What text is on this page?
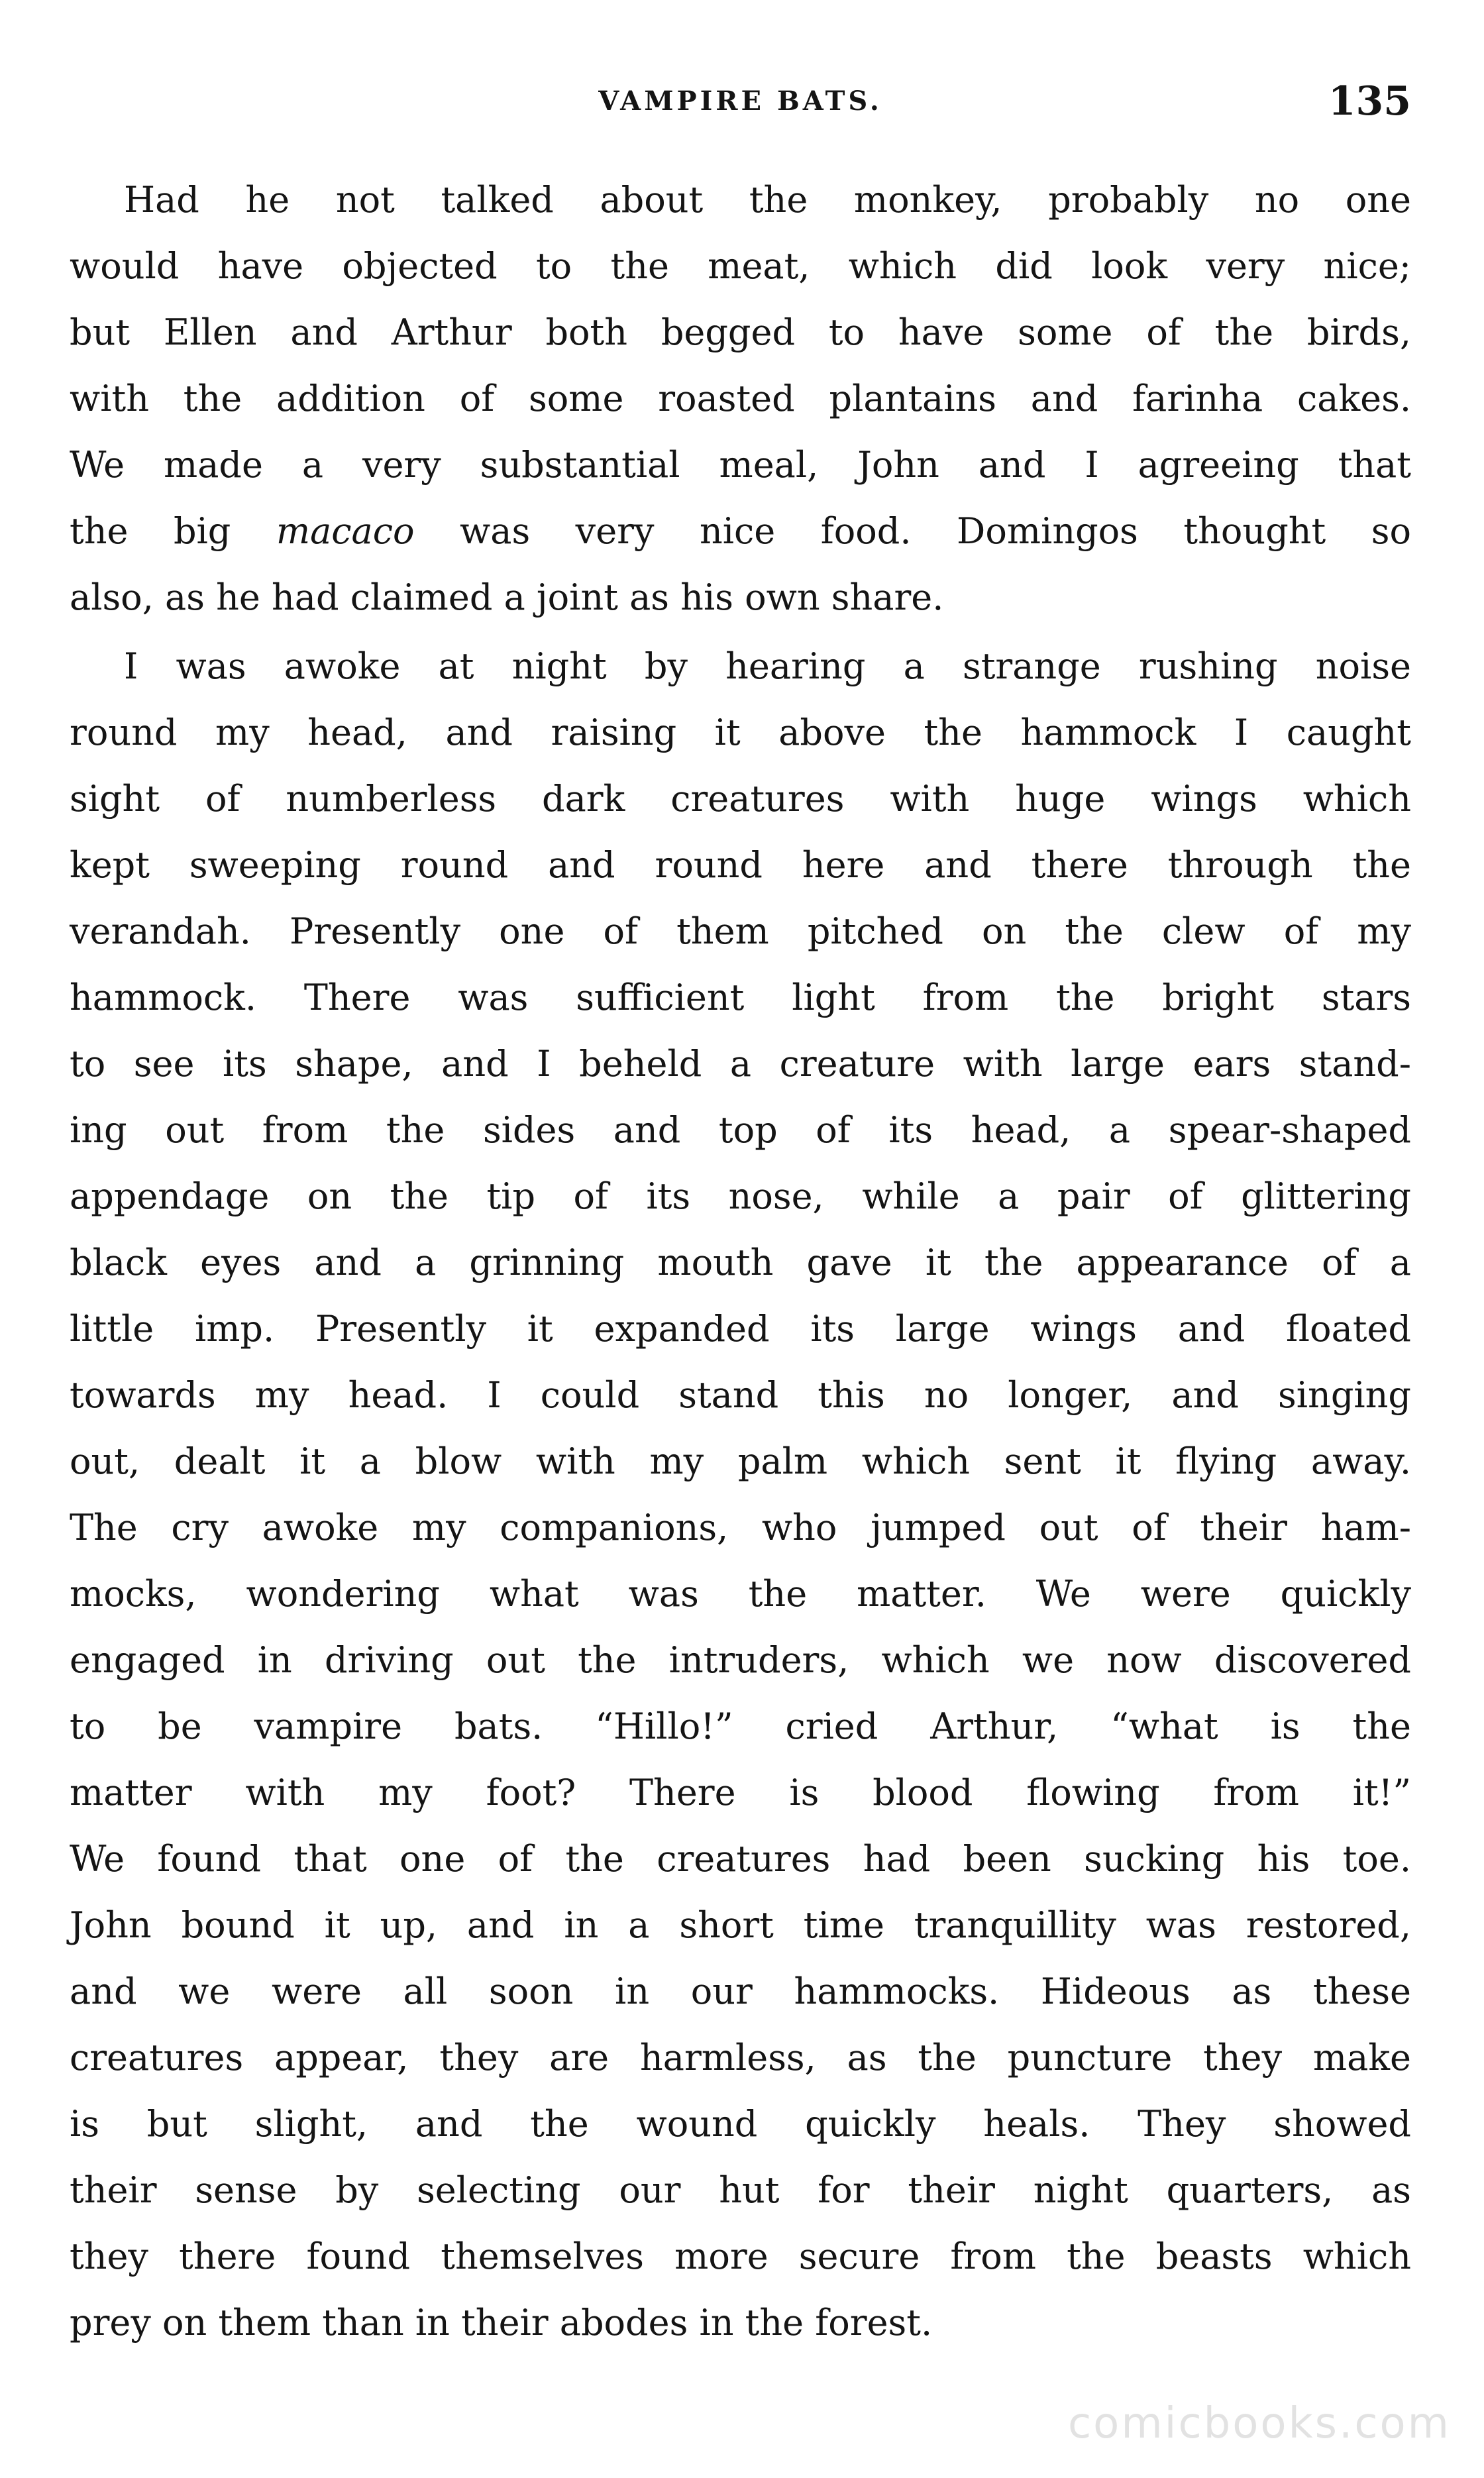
VAMPIRE BATS.	135
Had he not talked about the monkey, probably no one
would have objected to the meat, which did look very nice;
but Ellen and Arthur both begged to have some of the birds,
with the addition of some roasted plantains and farinha cakes.
We made a very substantial meal, John and I agreeing that
the big macaco was very nice food. Domingos thought so
also, as he had claimed a joint as his own share.
I was awoke at night by hearing a strange rushing noise
round my head, and raising it above the hammock I caught
sight of numberless dark creatures with huge wings which
kept sweeping round and round here and there through the
verandah. Presently one of them pitched on the clew of my
hammock. There was sufficient light from the bright stars
to see its shape, and I beheld a creature with large ears stand-
ing out from the sides and top of its head, a spear-shaped
appendage on the tip of its nose, while a pair of glittering
black eyes and a grinning mouth gave it the appearance of a
little imp. Presently it expanded its large wings and floated
towards my head. I could stand this no longer, and singing
out, dealt it a blow with my palm which sent it flying away.
The cry awoke my companions, who jumped out of their ham-
mocks, wondering what was the matter. We were quickly
engaged in driving out the intruders, which we now discovered
to be vampire bats. “Hillo!” cried Arthur, “what is the
matter with my foot? There is blood flowing from it!”
We found that one of the creatures had been sucking his toe.
John bound it up, and in a short time tranquillity was restored,
and we were all soon in our hammocks. Hideous as these
creatures appear, they are harmless, as the puncture they make
is but slight, and the wound quickly heals. They showed
their sense by selecting our hut for their night quarters, as
they there found themselves more secure from the beasts which
prey on them than in their abodes in the forest.
comicbooks.com
